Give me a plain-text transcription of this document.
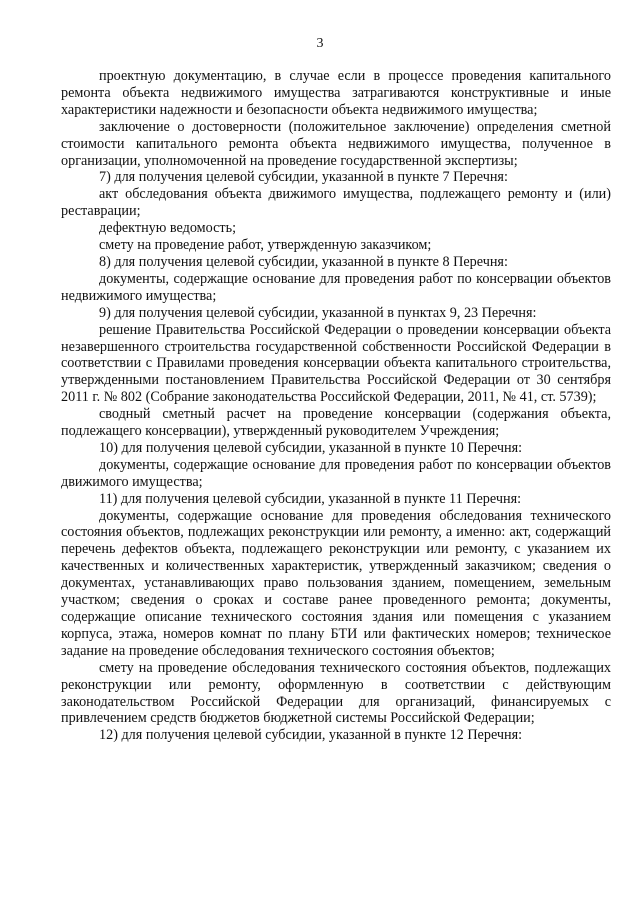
3

проектную документацию, в случае если в процессе проведения капитального ремонта объекта недвижимого имущества затрагиваются конструктивные и иные характеристики надежности и безопасности объекта недвижимого имущества;

заключение о достоверности (положительное заключение) определения сметной стоимости капитального ремонта объекта недвижимого имущества, полученное в организации, уполномоченной на проведение государственной экспертизы;

7) для получения целевой субсидии, указанной в пункте 7 Перечня:

акт обследования объекта движимого имущества, подлежащего ремонту и (или) реставрации;

дефектную ведомость;

смету на проведение работ, утвержденную заказчиком;

8) для получения целевой субсидии, указанной в пункте 8 Перечня:

документы, содержащие основание для проведения работ по консервации объектов недвижимого имущества;

9) для получения целевой субсидии, указанной в пунктах 9, 23 Перечня:

решение Правительства Российской Федерации о проведении консервации объекта незавершенного строительства государственной собственности Российской Федерации в соответствии с Правилами проведения консервации объекта капитального строительства, утвержденными постановлением Правительства Российской Федерации от 30 сентября 2011 г. № 802 (Собрание законодательства Российской Федерации, 2011, № 41, ст. 5739);

сводный сметный расчет на проведение консервации (содержания объекта, подлежащего консервации), утвержденный руководителем Учреждения;

10) для получения целевой субсидии, указанной в пункте 10 Перечня:

документы, содержащие основание для проведения работ по консервации объектов движимого имущества;

11) для получения целевой субсидии, указанной в пункте 11 Перечня:

документы, содержащие основание для проведения обследования технического состояния объектов, подлежащих реконструкции или ремонту, а именно: акт, содержащий перечень дефектов объекта, подлежащего реконструкции или ремонту, с указанием их качественных и количественных характеристик, утвержденный заказчиком; сведения о документах, устанавливающих право пользования зданием, помещением, земельным участком; сведения о сроках и составе ранее проведенного ремонта; документы, содержащие описание технического состояния здания или помещения с указанием корпуса, этажа, номеров комнат по плану БТИ или фактических номеров; техническое задание на проведение обследования технического состояния объектов;

смету на проведение обследования технического состояния объектов, подлежащих реконструкции или ремонту, оформленную в соответствии с действующим законодательством Российской Федерации для организаций, финансируемых с привлечением средств бюджетов бюджетной системы Российской Федерации;

12) для получения целевой субсидии, указанной в пункте 12 Перечня:
